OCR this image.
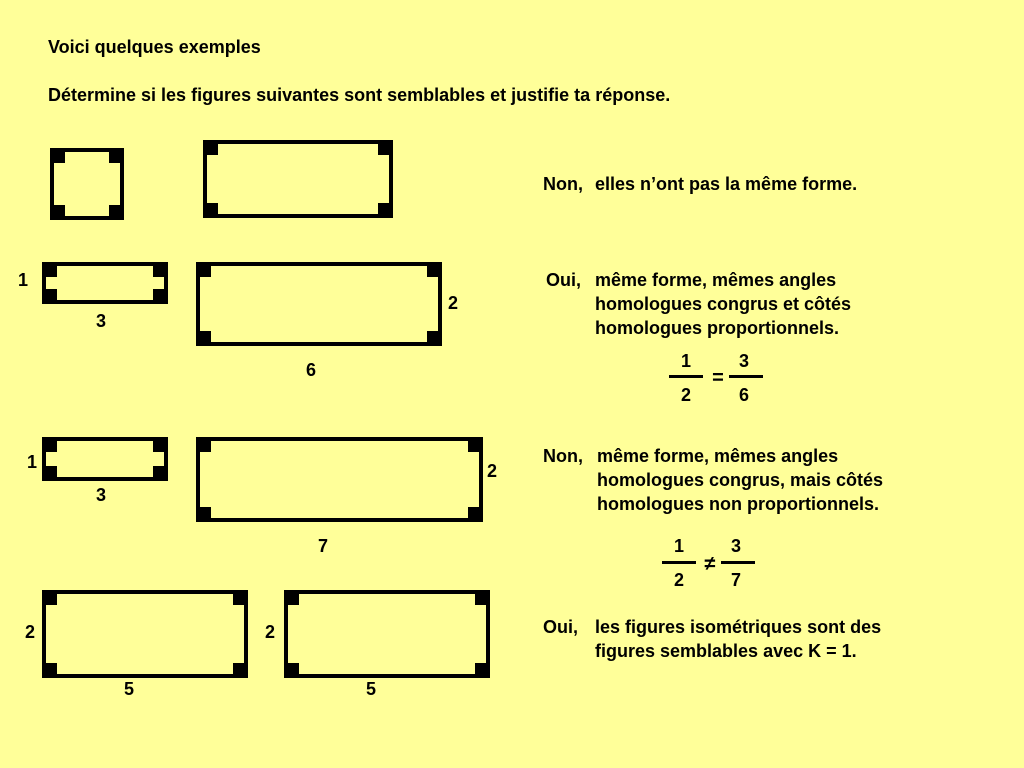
Voici quelques exemples
Détermine si les figures suivantes sont semblables et justifie ta réponse.
Non, elles n’ont pas la même forme.
1
3
2
6
Oui, même forme, mêmes angles
homologues congrus et côtés
homologues proportionnels.
1
2
=
3
6
1
3
2
7
Non, même forme, mêmes angles
homologues congrus, mais côtés
homologues non proportionnels.
1
2
≠
3
7
2
5
2
5
Oui, les figures isométriques sont des
figures semblables avec K = 1.
